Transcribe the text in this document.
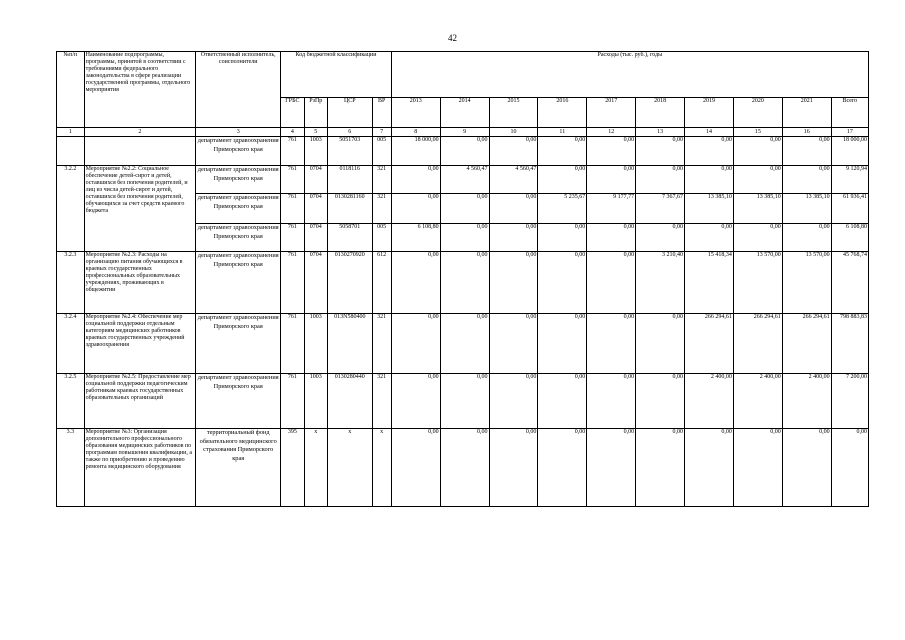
42
№п/п	Наименование подпрограммы, программы, принятой в соответствии с требованиями федерального законодательства в сфере реализации государственной программы, отдельного мероприятия	Ответственный исполнитель, соисполнители	Код бюджетной классификации				Расходы (тыс. руб.), годы									
			ГРБС	РзПр	ЦСР	ВР	2013	2014	2015	2016	2017	2018	2019	2020	2021	Всего
1	2	3	4	5	6	7	8	9	10	11	12	13	14	15	16	17
		департамент здравоохранения Приморского края	761	1003	5051703	005	18 000,00	0,00	0,00	0,00	0,00	0,00	0,00	0,00	0,00	18 000,00
3.2.2	Мероприятие №2.2: Социальное обеспечение детей-сирот и детей, оставшихся без попечения родителей, и лиц из числа детей-сирот и детей, оставшихся без попечения родителей, обучающихся за счет средств краевого бюджета	департамент здравоохранения Приморского края	761	0704	0118116	321	0,00	4 560,47	4 560,47	0,00	0,00	0,00	0,00	0,00	0,00	9 120,94
		департамент здравоохранения Приморского края	761	0704	0130281160	321	0,00	0,00	0,00	5 235,67	9 177,77	7 367,67	13 385,10	13 385,10	13 385,10	61 936,41
		департамент здравоохранения Приморского края	761	0704	5058701	005	6 108,80	0,00	0,00	0,00	0,00	0,00	0,00	0,00	0,00	6 108,80
3.2.3	Мероприятие №2.3: Расходы на организацию питания обучающихся в краевых государственных профессиональных образовательных учреждениях, проживающих в общежитии	департамент здравоохранения Приморского края	761	0704	0130270920	612	0,00	0,00	0,00	0,00	0,00	3 210,40	15 418,34	13 570,00	13 570,00	45 768,74
3.2.4	Мероприятие №2.4: Обеспечение мер социальной поддержки отдельным категориям медицинских работников краевых государственных учреждений здравоохранения	департамент здравоохранения Приморского края	761	1003	013N580400	321	0,00	0,00	0,00	0,00	0,00	0,00	266 294,61	266 294,61	266 294,61	798 883,83
3.2.5	Мероприятие №2.5: Предоставление мер социальной поддержки педагогическим работникам краевых государственных образовательных организаций	департамент здравоохранения Приморского края	761	1003	0130280440	321	0,00	0,00	0,00	0,00	0,00	0,00	2 400,00	2 400,00	2 400,00	7 200,00
3.3	Мероприятие №3: Организация дополнительного профессионального образования медицинских работников по программам повышения квалификации, а также по приобретению и проведению ремонта медицинского оборудования	территориальный фонд обязательного медицинского страхования Приморского края	395	x	x	x	0,00	0,00	0,00	0,00	0,00	0,00	0,00	0,00	0,00	0,00
